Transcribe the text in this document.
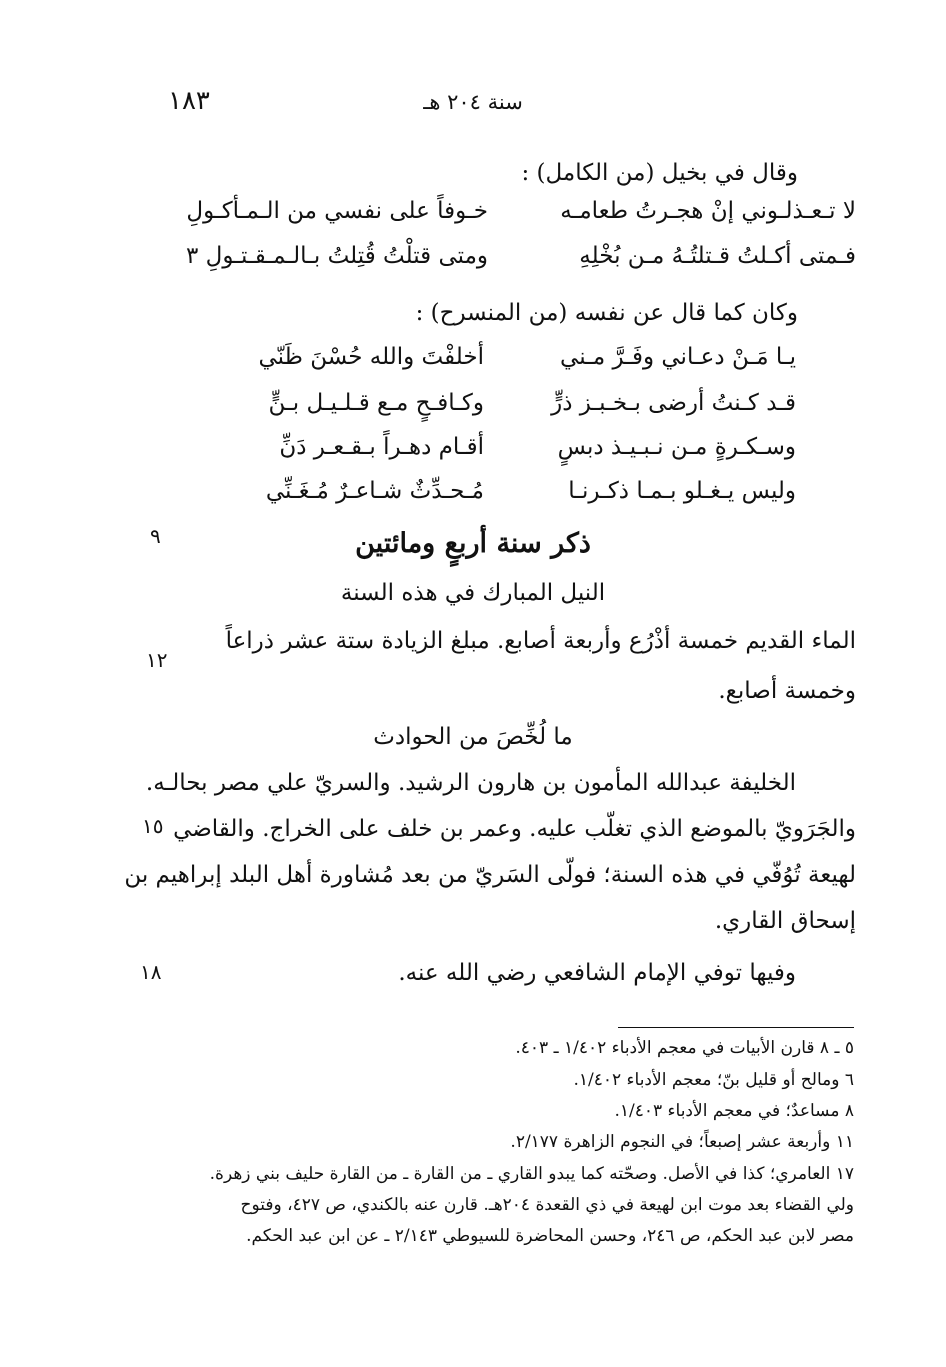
١٨٣	سنة ٢٠٤ هـ
وقال في بخيل (من الكامل) :
لا تـعـذلـوني إنْ هجـرتُ طعامـه
خـوفاً على نفسي من الـمـأكـولِ
فـمتى أكـلتُ قـتلتُـهُ مـن بُخْلِهِ
ومتى قتلْتُ قُتِلتُ بـالـمـقـتـولِ ٣
وكان كما قال عن نفسه (من المنسرح) :
يـا مَـنْ دعـاني وفَـرَّ مـني
أخلفْتَ والله حُسْنَ ظَنّي
قـد كـنتُ أرضى بـخـبـز ذرٍّ
وكـافـحٍ مـع قـلـيـل بـنٍّ
وسـكـرةٍ مـن نـبـيـذ دبسٍ
أقـام دهـراً بـقـعـر دَنِّ
وليس يـغـلو بـمـا ذكـرنـا
مُـحـدِّثٌ شـاعـرٌ مُـغَـنِّي
ذكر سنة أربعٍ ومائتين
٩
النيل المبارك في هذه السنة
الماء القديم خمسة أذْرُع وأربعة أصابع. مبلغ الزيادة ستة عشر ذراعاً
وخمسة أصابع.
١٢
ما لُخِّصَ من الحوادث
الخليفة عبدالله المأمون بن هارون الرشيد. والسريّ علي مصر بحالـه.
والجَرَويّ بالموضع الذي تغلّب عليه. وعمر بن خلف على الخراج. والقاضي
لهيعة تُوُفّي في هذه السنة؛ فولّى السَريّ من بعد مُشاورة أهل البلد إبراهيم بن
إسحاق القاري.
١٥
وفيها توفي الإمام الشافعي رضي الله عنه.
١٨
٥ ـ ٨ قارن الأبيات في معجم الأدباء ١/٤٠٢ ـ ٤٠٣.
٦ ومالح أو قليل بنّ؛ معجم الأدباء ١/٤٠٢.
٨ مساعدٌ؛ في معجم الأدباء ١/٤٠٣.
١١ وأربعة عشر إصبعاً؛ في النجوم الزاهرة ٢/١٧٧.
١٧ العامري؛ كذا في الأصل. وصحّته كما يبدو القاري ـ من القارة ـ من القارة حليف بني زهرة.
ولي القضاء بعد موت ابن لهيعة في ذي القعدة ٢٠٤هـ. قارن عنه بالكندي، ص ٤٢٧، وفتوح
مصر لابن عبد الحكم، ص ٢٤٦، وحسن المحاضرة للسيوطي ٢/١٤٣ ـ عن ابن عبد الحكم.
